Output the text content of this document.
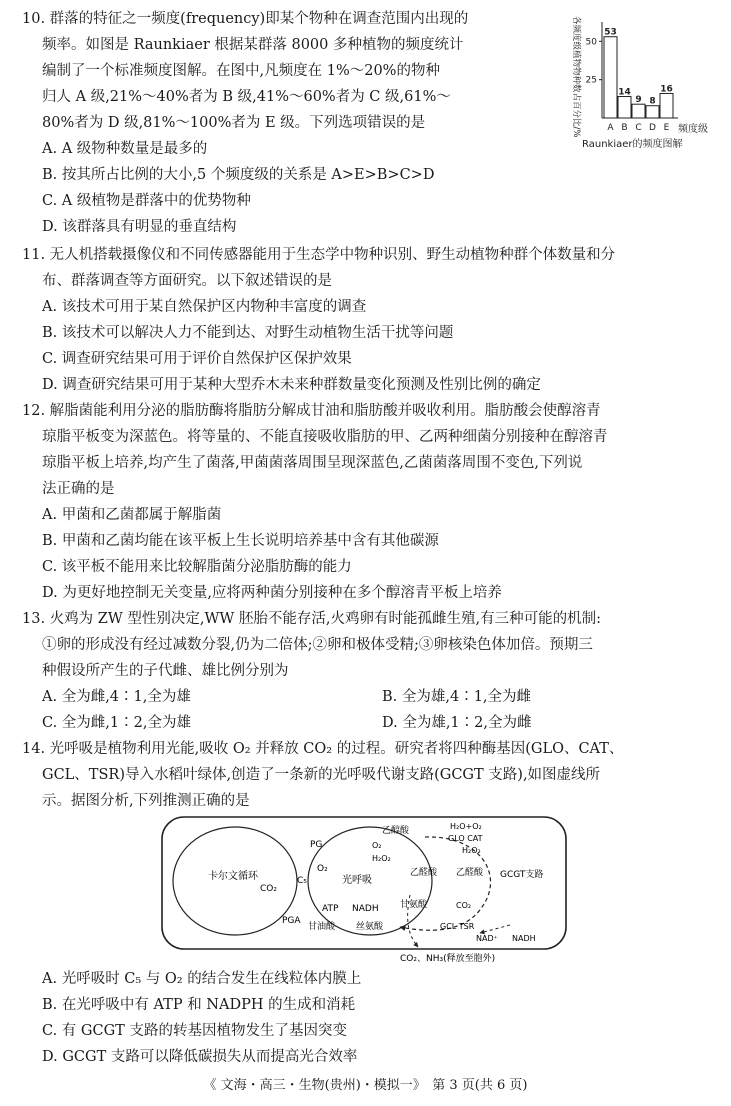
10. 群落的特征之一频度(frequency)即某个物种在调查范围内出现的
频率。如图是 Raunkiaer 根据某群落 8000 多种植物的频度统计
编制了一个标准频度图解。在图中,凡频度在 1%～20%的物种
归人 A 级,21%～40%者为 B 级,41%～60%者为 C 级,61%～
80%者为 D 级,81%～100%者为 E 级。下列选项错误的是
A. A 级物种数量是最多的
B. 按其所占比例的大小,5 个频度级的关系是 A>E>B>C>D
C. A 级植物是群落中的优势物种
D. 该群落具有明显的垂直结构
各频度级植物物种数占百分比/% 25
50
53
A
14
B
9
C
8
D
16
E 频度级
Raunkiaer的频度图解
11. 无人机搭载摄像仪和不同传感器能用于生态学中物种识别、野生动植物种群个体数量和分
布、群落调查等方面研究。以下叙述错误的是
A. 该技术可用于某自然保护区内物种丰富度的调查
B. 该技术可以解决人力不能到达、对野生动植物生活干扰等问题
C. 调查研究结果可用于评价自然保护区保护效果
D. 调查研究结果可用于某种大型乔木未来种群数量变化预测及性别比例的确定
12. 解脂菌能利用分泌的脂肪酶将脂肪分解成甘油和脂肪酸并吸收利用。脂肪酸会使醇溶青
琼脂平板变为深蓝色。将等量的、不能直接吸收脂肪的甲、乙两种细菌分别接种在醇溶青
琼脂平板上培养,均产生了菌落,甲菌菌落周围呈现深蓝色,乙菌菌落周围不变色,下列说
法正确的是
A. 甲菌和乙菌都属于解脂菌
B. 甲菌和乙菌均能在该平板上生长说明培养基中含有其他碳源
C. 该平板不能用来比较解脂菌分泌脂肪酶的能力
D. 为更好地控制无关变量,应将两种菌分别接种在多个醇溶青平板上培养
13. 火鸡为 ZW 型性别决定,WW 胚胎不能存活,火鸡卵有时能孤雌生殖,有三种可能的机制:
①卵的形成没有经过减数分裂,仍为二倍体;②卵和极体受精;③卵核染色体加倍。预期三
种假设所产生的子代雌、雄比例分别为
A. 全为雌,4∶1,全为雄	B. 全为雄,4∶1,全为雌
C. 全为雌,1∶2,全为雄	D. 全为雄,1∶2,全为雌
14. 光呼吸是植物利用光能,吸收 O₂ 并释放 CO₂ 的过程。研究者将四种酶基因(GLO、CAT、
GCL、TSR)导入水稻叶绿体,创造了一条新的光呼吸代谢支路(GCGT 支路),如图虚线所
示。据图分析,下列推测正确的是
A. 光呼吸时 C₅ 与 O₂ 的结合发生在线粒体内膜上
B. 在光呼吸中有 ATP 和 NADPH 的生成和消耗
C. 有 GCGT 支路的转基因植物发生了基因突变
D. GCGT 支路可以降低碳损失从而提高光合效率
卡尔文循环
CO₂
PG
O₂
C₅
PGA
ATP
光呼吸
乙醇酸
O₂
H₂O₂
乙醛酸
甘氨酸
NADH
甘油酸 丝氨酸
H₂O+O₂
GLO CAT
H₂O₂
乙醛酸 GCGT支路
CO₂
GCL TSR
NAD⁺ NADH
CO₂、NH₃(释放至胞外)
《 文海・高三・生物(贵州)・模拟一》　第 3 页(共 6 页)
